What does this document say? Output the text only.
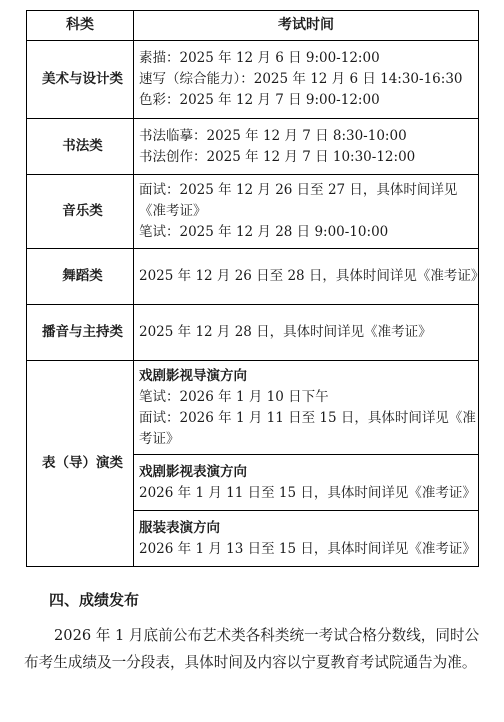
科类	考试时间
美术与设计类	素描：2025 年 12 月 6 日 9:00-12:00
速写（综合能力）：2025 年 12 月 6 日 14:30-16:30
色彩：2025 年 12 月 7 日 9:00-12:00

书法类	书法临摹：2025 年 12 月 7 日 8:30-10:00
书法创作：2025 年 12 月 7 日 10:30-12:00

音乐类	面试：2025 年 12 月 26 日至 27 日，具体时间详见《准考证》
笔试：2025 年 12 月 28 日 9:00-10:00

舞蹈类	2025 年 12 月 26 日至 28 日，具体时间详见《准考证》

播音与主持类	2025 年 12 月 28 日，具体时间详见《准考证》

表（导）演类	戏剧影视导演方向
笔试：2026 年 1 月 10 日下午
面试：2026 年 1 月 11 日至 15 日，具体时间详见《准考证》

	戏剧影视表演方向
2026 年 1 月 11 日至 15 日，具体时间详见《准考证》

	服装表演方向
2026 年 1 月 13 日至 15 日，具体时间详见《准考证》
四、成绩发布
2026 年 1 月底前公布艺术类各科类统一考试合格分数线，同时公布考生成绩及一分段表，具体时间及内容以宁夏教育考试院通告为准。
